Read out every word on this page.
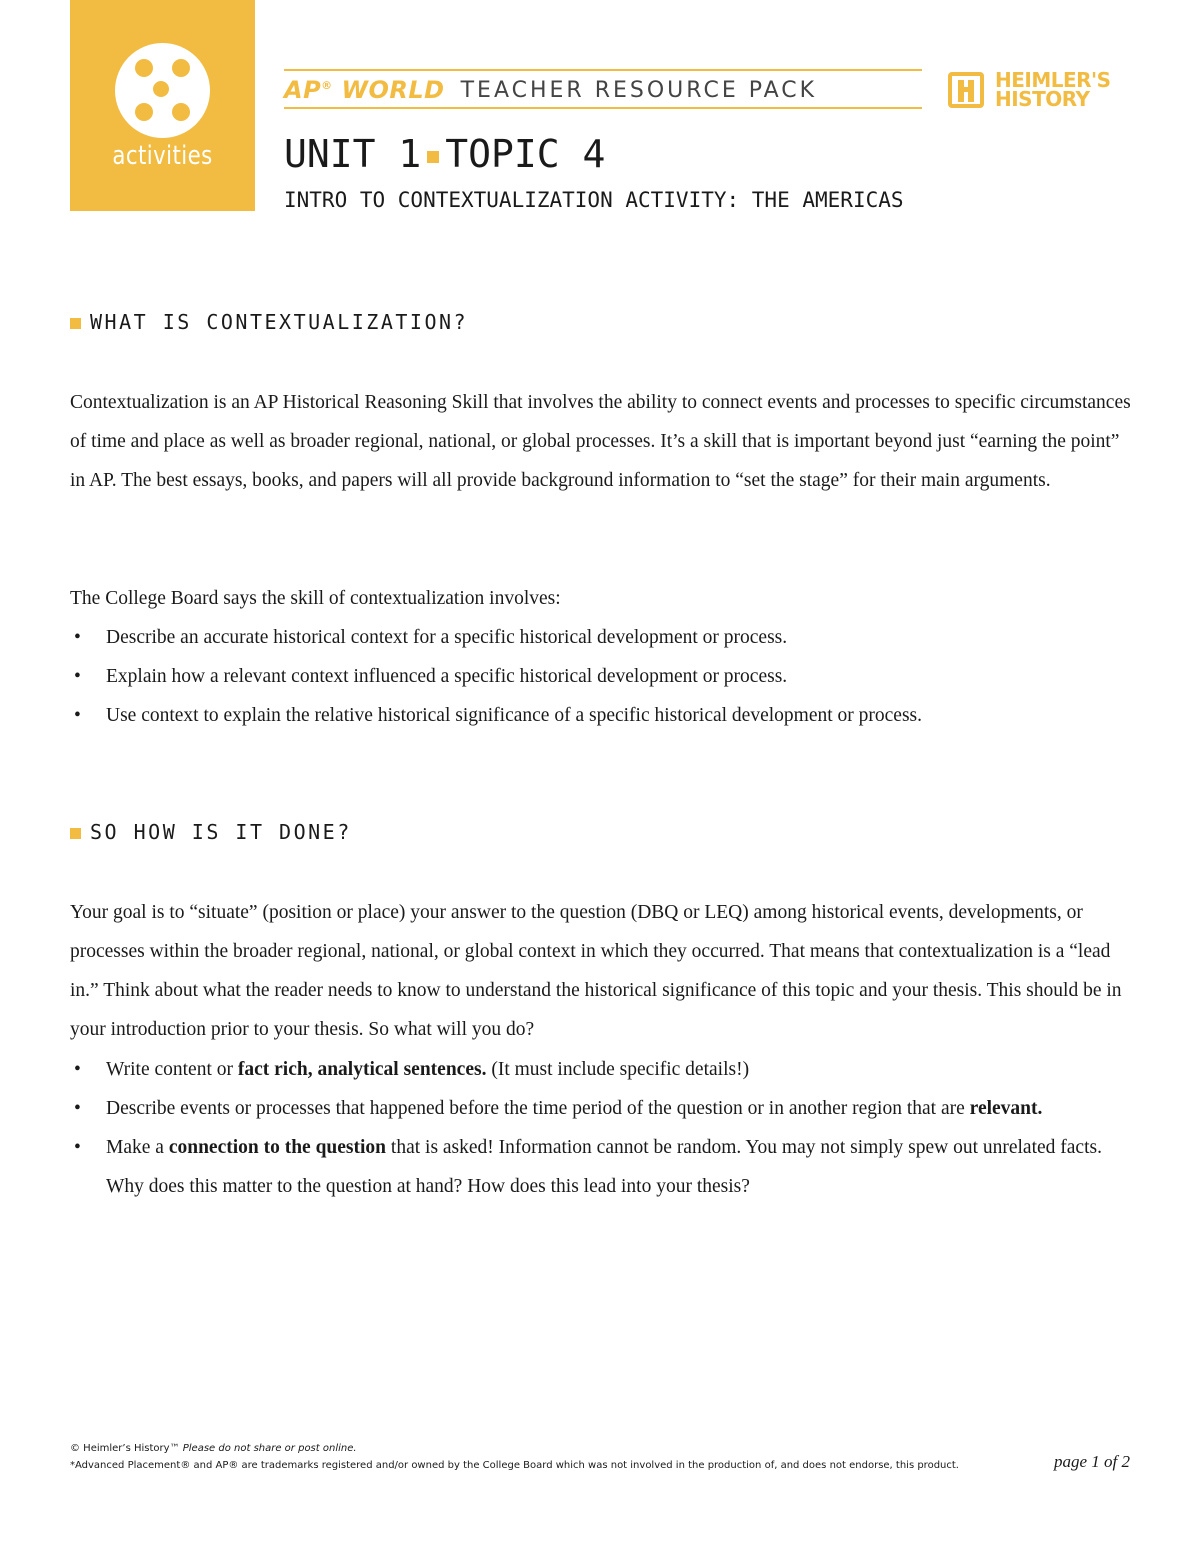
activities
AP® WORLD TEACHER RESOURCE PACK	HEIMLER'S
HISTORY
UNIT 1 TOPIC 4
INTRO TO CONTEXTUALIZATION ACTIVITY: THE AMERICAS
WHAT IS CONTEXTUALIZATION?
Contextualization is an AP Historical Reasoning Skill that involves the ability to connect events and processes to specific circumstances of time and place as well as broader regional, national, or global processes. It’s a skill that is important beyond just “earning the point” in AP. The best essays, books, and papers will all provide background information to “set the stage” for their main arguments.
The College Board says the skill of contextualization involves:
• Describe an accurate historical context for a specific historical development or process.
• Explain how a relevant context influenced a specific historical development or process.
• Use context to explain the relative historical significance of a specific historical development or process.
SO HOW IS IT DONE?
Your goal is to “situate” (position or place) your answer to the question (DBQ or LEQ) among historical events, developments, or processes within the broader regional, national, or global context in which they occurred. That means that contextualization is a “lead in.” Think about what the reader needs to know to understand the historical significance of this topic and your thesis. This should be in your introduction prior to your thesis. So what will you do?
• Write content or fact rich, analytical sentences. (It must include specific details!)
• Describe events or processes that happened before the time period of the question or in another region that are relevant.
• Make a connection to the question that is asked! Information cannot be random. You may not simply spew out unrelated facts. Why does this matter to the question at hand? How does this lead into your thesis?
© Heimler’s History™ Please do not share or post online.
*Advanced Placement® and AP® are trademarks registered and/or owned by the College Board which was not involved in the production of, and does not endorse, this product.	page 1 of 2
